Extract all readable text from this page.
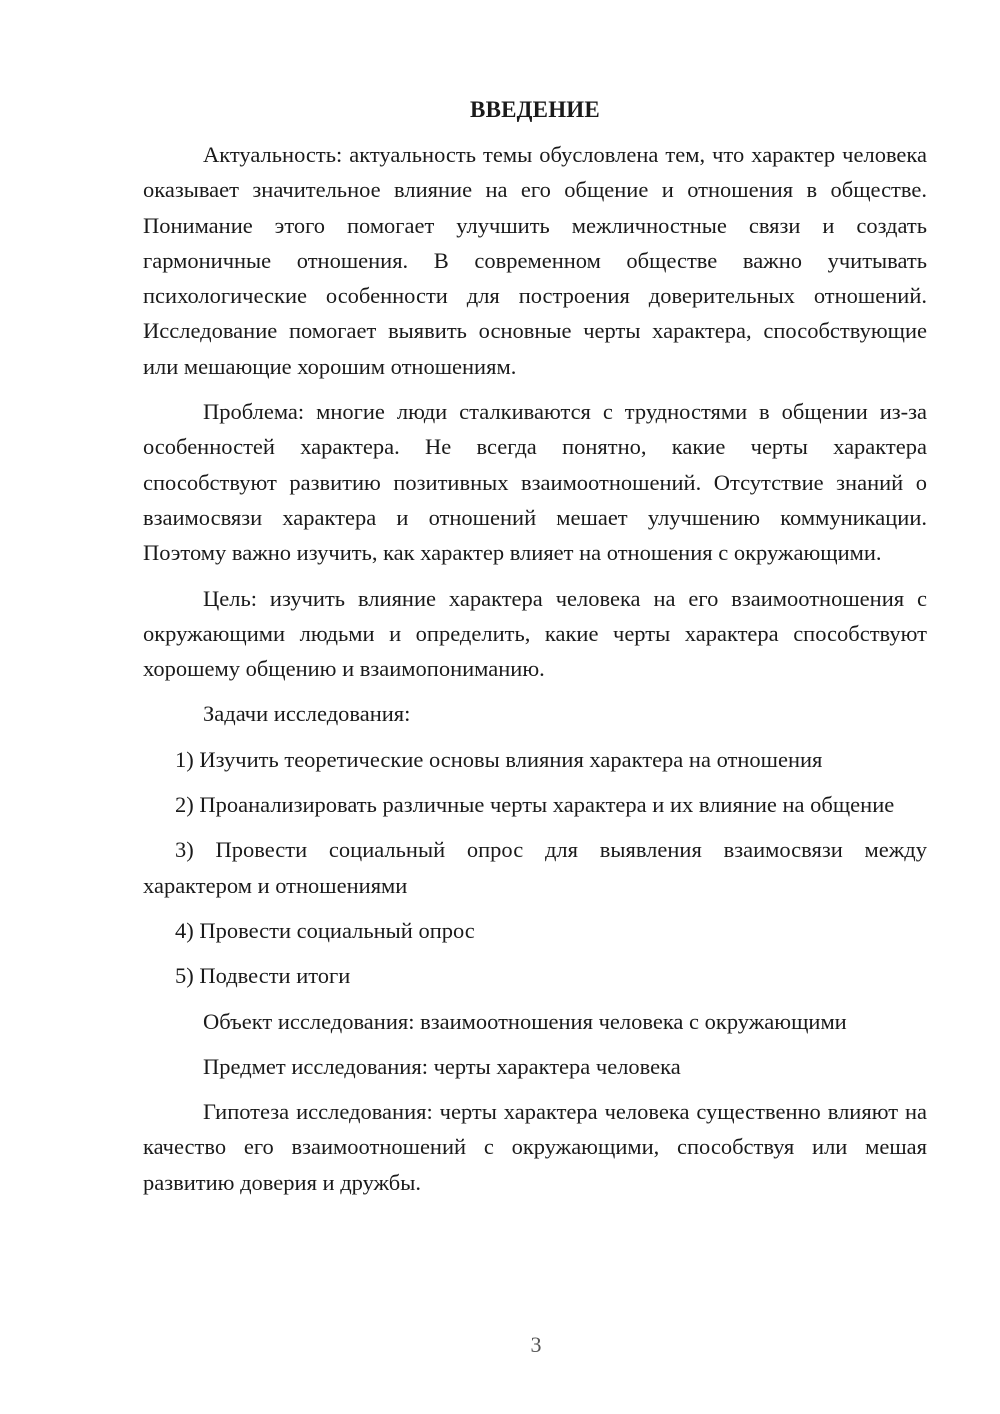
ВВЕДЕНИЕ

Актуальность: актуальность темы обусловлена тем, что характер человека оказывает значительное влияние на его общение и отношения в обществе. Понимание этого помогает улучшить межличностные связи и создать гармоничные отношения. В современном обществе важно учитывать психологические особенности для построения доверительных отношений. Исследование помогает выявить основные черты характера, способствующие или мешающие хорошим отношениям.

Проблема: многие люди сталкиваются с трудностями в общении из-за особенностей характера. Не всегда понятно, какие черты характера способствуют развитию позитивных взаимоотношений. Отсутствие знаний о взаимосвязи характера и отношений мешает улучшению коммуникации. Поэтому важно изучить, как характер влияет на отношения с окружающими.

Цель: изучить влияние характера человека на его взаимоотношения с окружающими людьми и определить, какие черты характера способствуют хорошему общению и взаимопониманию.

Задачи исследования:

1) Изучить теоретические основы влияния характера на отношения

2) Проанализировать различные черты характера и их влияние на общение

3) Провести социальный опрос для выявления взаимосвязи между характером и отношениями

4) Провести социальный опрос

5) Подвести итоги

Объект исследования: взаимоотношения человека с окружающими

Предмет исследования: черты характера человека

Гипотеза исследования: черты характера человека существенно влияют на качество его взаимоотношений с окружающими, способствуя или мешая развитию доверия и дружбы.

3
